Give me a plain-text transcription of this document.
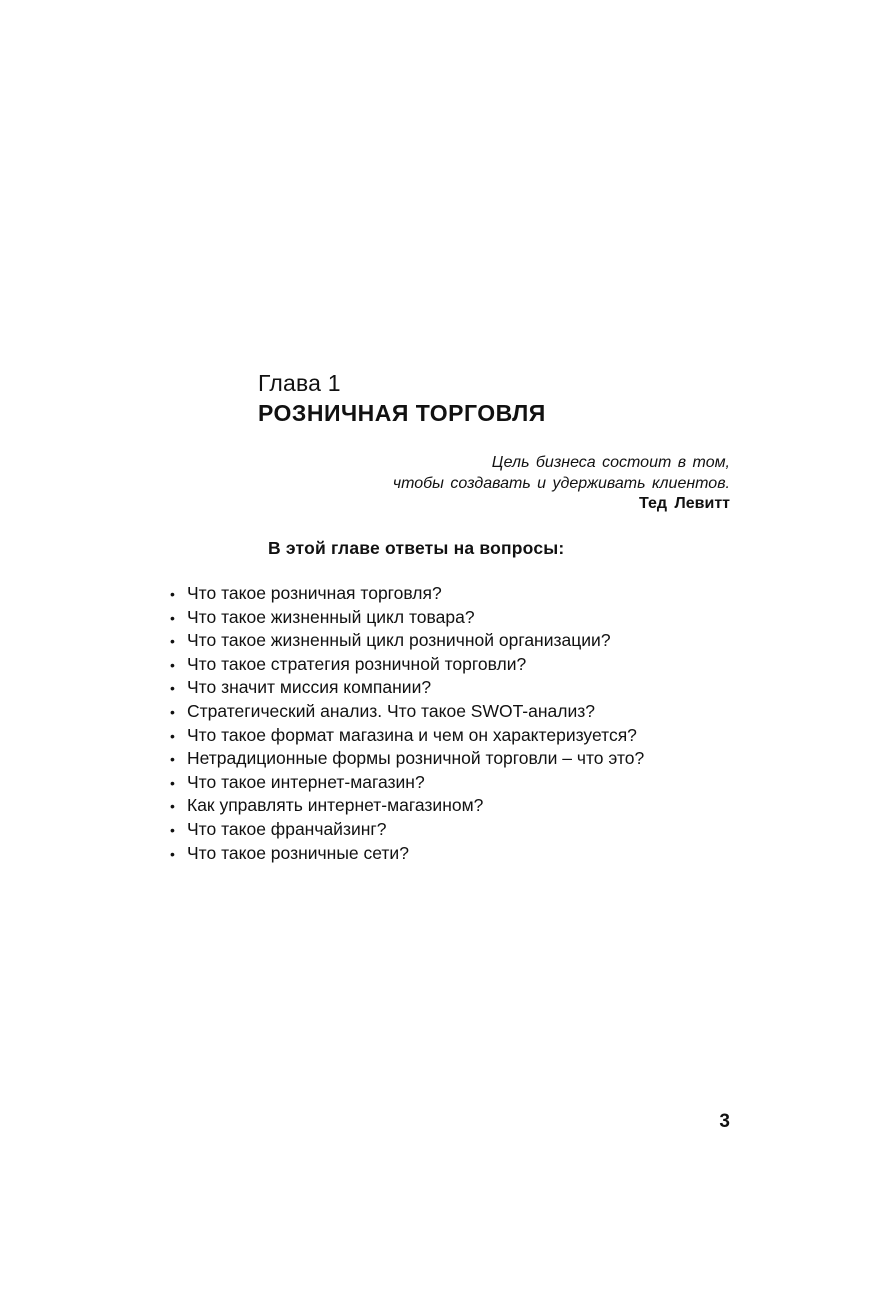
Глава 1
РОЗНИЧНАЯ ТОРГОВЛЯ
Цель бизнеса состоит в том,
чтобы создавать и удерживать клиентов.
Тед Левитт
В этой главе ответы на вопросы:
• Что такое розничная торговля?
• Что такое жизненный цикл товара?
• Что такое жизненный цикл розничной организации?
• Что такое стратегия розничной торговли?
• Что значит миссия компании?
• Стратегический анализ. Что такое SWOT-анализ?
• Что такое формат магазина и чем он характеризуется?
• Нетрадиционные формы розничной торговли – что это?
• Что такое интернет-магазин?
• Как управлять интернет-магазином?
• Что такое франчайзинг?
• Что такое розничные сети?
3
